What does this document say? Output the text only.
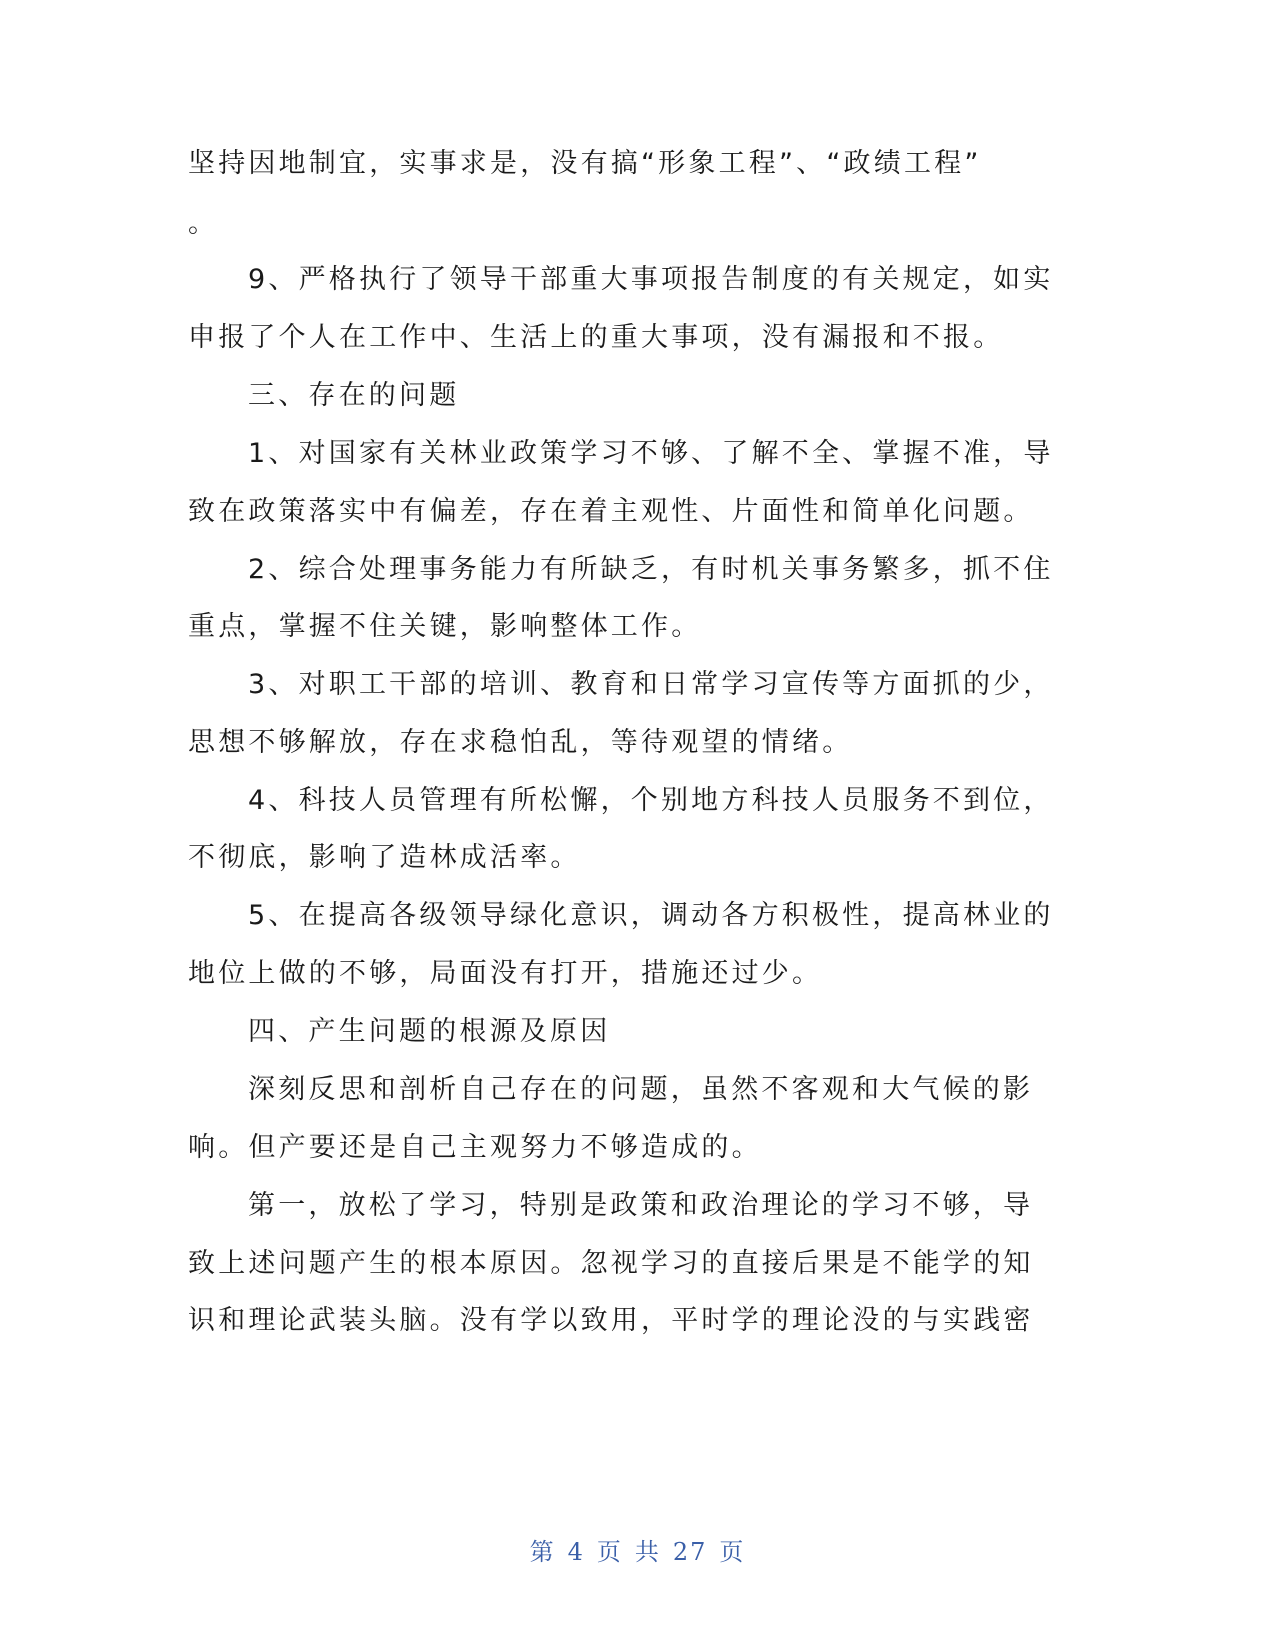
坚持因地制宜，实事求是，没有搞“形象工程”、“政绩工程”
。
9、严格执行了领导干部重大事项报告制度的有关规定，如实
申报了个人在工作中、生活上的重大事项，没有漏报和不报。
三、存在的问题
1、对国家有关林业政策学习不够、了解不全、掌握不准，导
致在政策落实中有偏差，存在着主观性、片面性和简单化问题。
2、综合处理事务能力有所缺乏，有时机关事务繁多，抓不住
重点，掌握不住关键，影响整体工作。
3、对职工干部的培训、教育和日常学习宣传等方面抓的少，
思想不够解放，存在求稳怕乱，等待观望的情绪。
4、科技人员管理有所松懈，个别地方科技人员服务不到位，
不彻底，影响了造林成活率。
5、在提高各级领导绿化意识，调动各方积极性，提高林业的
地位上做的不够，局面没有打开，措施还过少。
四、产生问题的根源及原因
深刻反思和剖析自己存在的问题，虽然不客观和大气候的影
响。但产要还是自己主观努力不够造成的。
第一，放松了学习，特别是政策和政治理论的学习不够，导
致上述问题产生的根本原因。忽视学习的直接后果是不能学的知
识和理论武装头脑。没有学以致用，平时学的理论没的与实践密
第 4 页 共 27 页
